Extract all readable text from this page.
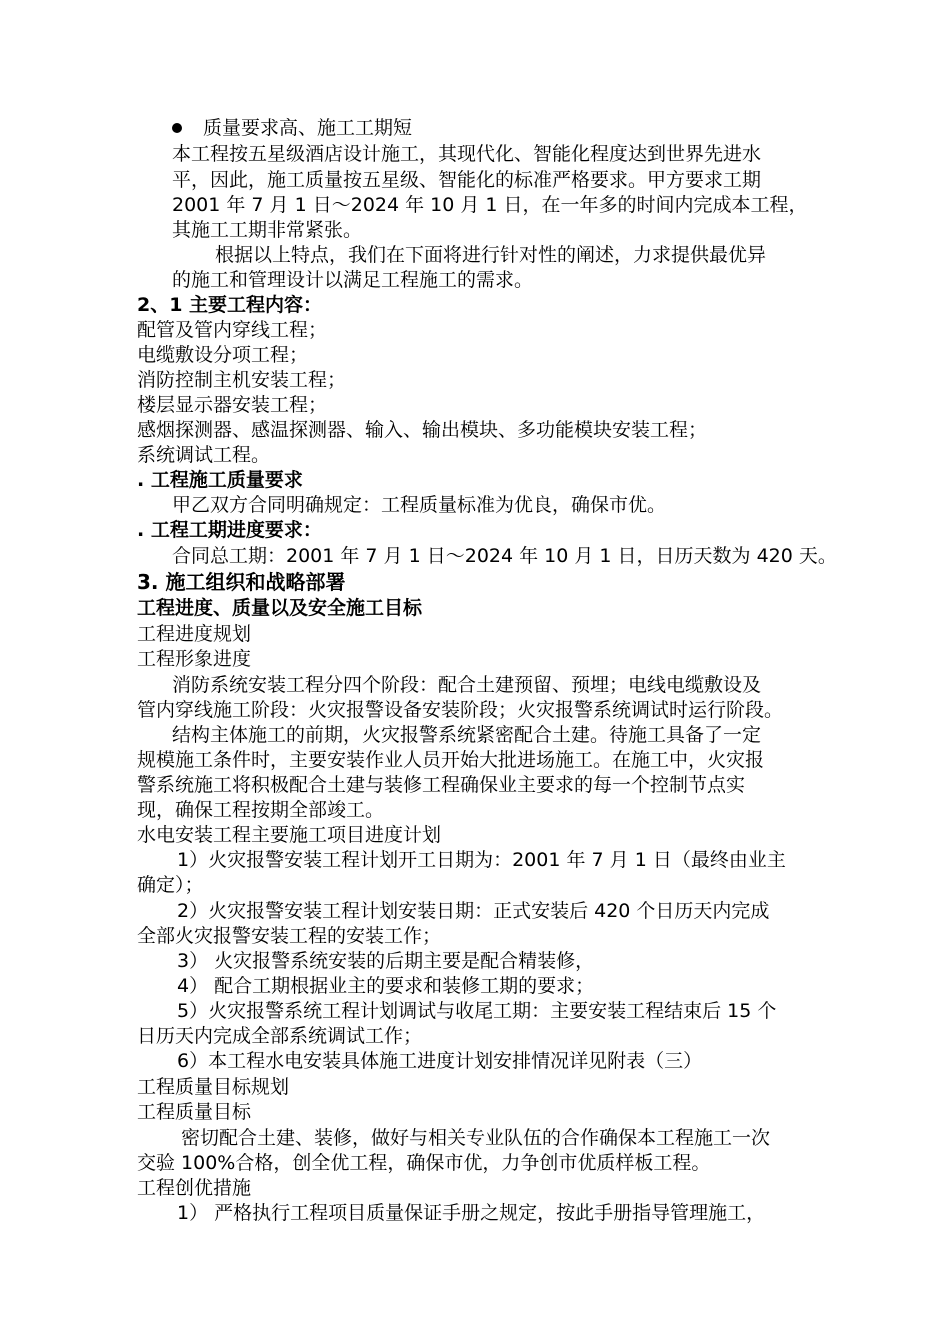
质量要求高、施工工期短
本工程按五星级酒店设计施工，其现代化、智能化程度达到世界先进水
平，因此，施工质量按五星级、智能化的标准严格要求。甲方要求工期
2001 年 7 月 1 日～2024 年 10 月 1 日，在一年多的时间内完成本工程，
其施工工期非常紧张。
根据以上特点，我们在下面将进行针对性的阐述，力求提供最优异
的施工和管理设计以满足工程施工的需求。
2、1 主要工程内容：
配管及管内穿线工程；
电缆敷设分项工程；
消防控制主机安装工程；
楼层显示器安装工程；
感烟探测器、感温探测器、输入、输出模块、多功能模块安装工程；
系统调试工程。
. 工程施工质量要求
甲乙双方合同明确规定：工程质量标准为优良，确保市优。
. 工程工期进度要求：
合同总工期：2001 年 7 月 1 日～2024 年 10 月 1 日，日历天数为 420 天。
3. 施工组织和战略部署
工程进度、质量以及安全施工目标
工程进度规划
工程形象进度
消防系统安装工程分四个阶段：配合土建预留、预埋；电线电缆敷设及
管内穿线施工阶段：火灾报警设备安装阶段；火灾报警系统调试时运行阶段。
结构主体施工的前期，火灾报警系统紧密配合土建。待施工具备了一定
规模施工条件时，主要安装作业人员开始大批进场施工。在施工中，火灾报
警系统施工将积极配合土建与装修工程确保业主要求的每一个控制节点实
现，确保工程按期全部竣工。
水电安装工程主要施工项目进度计划
1）火灾报警安装工程计划开工日期为：2001 年 7 月 1 日（最终由业主
确定）；
2）火灾报警安装工程计划安装日期：正式安装后 420 个日历天内完成
全部火灾报警安装工程的安装工作；
3） 火灾报警系统安装的后期主要是配合精装修，
4） 配合工期根据业主的要求和装修工期的要求；
5）火灾报警系统工程计划调试与收尾工期：主要安装工程结束后 15 个
日历天内完成全部系统调试工作；
6）本工程水电安装具体施工进度计划安排情况详见附表（三）
工程质量目标规划
工程质量目标
密切配合土建、装修，做好与相关专业队伍的合作确保本工程施工一次
交验 100%合格，创全优工程，确保市优，力争创市优质样板工程。
工程创优措施
1） 严格执行工程项目质量保证手册之规定，按此手册指导管理施工，
